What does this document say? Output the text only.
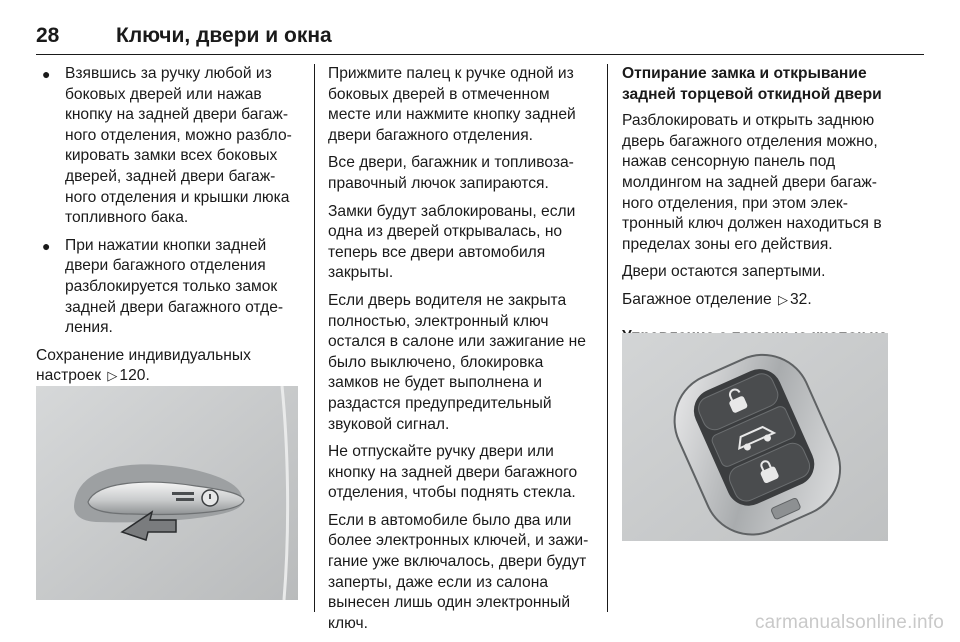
28	Ключи, двери и окна
● Взявшись за ручку любой из боковых дверей или нажав кнопку на задней двери багаж-ного отделения, можно разбло-кировать замки всех боковых дверей, задней двери багаж-ного отделения и крышки люка топливного бака.
● При нажатии кнопки задней двери багажного отделения разблокируется только замок задней двери багажного отде-ления.

Сохранение индивидуальных настроек ▷ 120.

Прижмите палец к ручке одной из боковых дверей в отмеченном месте или нажмите кнопку задней двери багажного отделения.

Все двери, багажник и топливоза-правочный лючок запираются.

Замки будут заблокированы, если одна из дверей открывалась, но теперь все двери автомобиля закрыты.

Если дверь водителя не закрыта полностью, электронный ключ остался в салоне или зажигание не было выключено, блокировка замков не будет выполнена и раздастся предупредительный звуковой сигнал.

Не отпускайте ручку двери или кнопку на задней двери багажного отделения, чтобы поднять стекла.

Если в автомобиле было два или более электронных ключей, и зажи-гание уже включалось, двери будут заперты, даже если из салона вынесен лишь один электронный ключ.

Отпирание замка и открывание задней торцевой откидной двери

Разблокировать и открыть заднюю дверь багажного отделения можно, нажав сенсорную панель под молдингом на задней двери багаж-ного отделения, при этом элек-тронный ключ должен находиться в пределах зоны его действия.

Двери остаются запертыми.

Багажное отделение ▷ 32.

carmanualsonline.info
